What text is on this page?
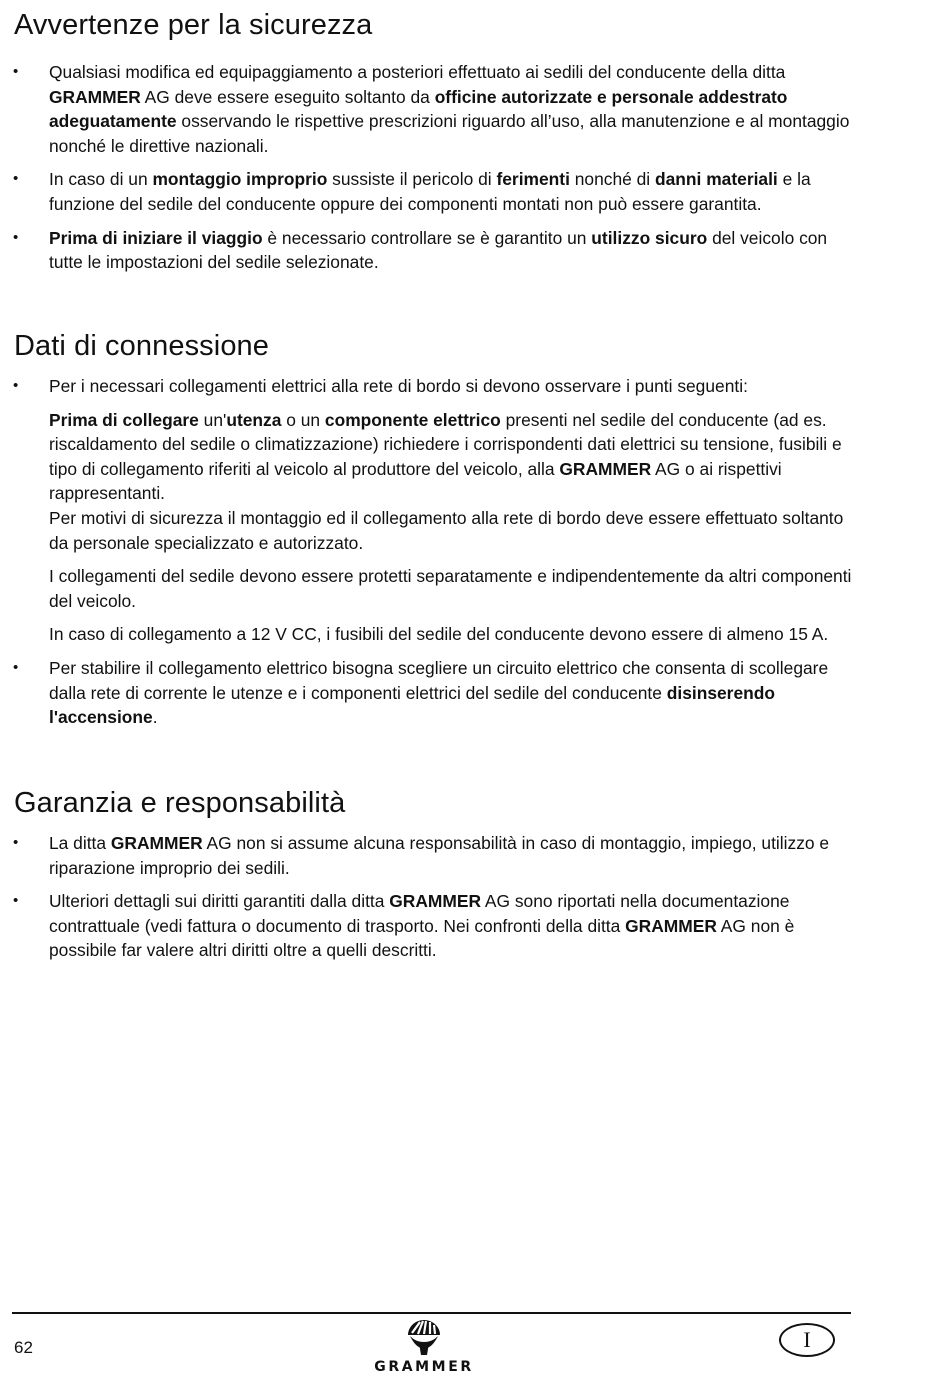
Avvertenze per la sicurezza
• Qualsiasi modifica ed equipaggiamento a posteriori effettuato ai sedili del conducente della ditta GRAMMER AG deve essere eseguito soltanto da officine autorizzate e personale addestrato adeguatamente osservando le rispettive prescrizioni riguardo all’uso, alla manutenzione e al montaggio nonché le direttive nazionali.
• In caso di un montaggio improprio sussiste il pericolo di ferimenti nonché di danni materiali e la funzione del sedile del conducente oppure dei componenti montati non può essere garantita.
• Prima di iniziare il viaggio è necessario controllare se è garantito un utilizzo sicuro del veicolo con tutte le impostazioni del sedile selezionate.
Dati di connessione
• Per i necessari collegamenti elettrici alla rete di bordo si devono osservare i punti seguenti:
Prima di collegare un'utenza o un componente elettrico presenti nel sedile del conducente (ad es. riscaldamento del sedile o climatizzazione) richiedere i corrispondenti dati elettrici su tensione, fusibili e tipo di collegamento riferiti al veicolo al produttore del veicolo, alla GRAMMER AG o ai rispettivi rappresentanti.
Per motivi di sicurezza il montaggio ed il collegamento alla rete di bordo deve essere effettuato soltanto da personale specializzato e autorizzato.
I collegamenti del sedile devono essere protetti separatamente e indipendentemente da altri componenti del veicolo.
In caso di collegamento a 12 V CC, i fusibili del sedile del conducente devono essere di almeno 15 A.
• Per stabilire il collegamento elettrico bisogna scegliere un circuito elettrico che consenta di scollegare dalla rete di corrente le utenze e i componenti elettrici del sedile del conducente disinserendo l'accensione.
Garanzia e responsabilità
• La ditta GRAMMER AG non si assume alcuna responsabilità in caso di montaggio, impiego, utilizzo e riparazione improprio dei sedili.
• Ulteriori dettagli sui diritti garantiti dalla ditta GRAMMER AG sono riportati nella documentazione contrattuale (vedi fattura o documento di trasporto. Nei confronti della ditta GRAMMER AG non è possibile far valere altri diritti oltre a quelli descritti.
62
GRAMMER
I
